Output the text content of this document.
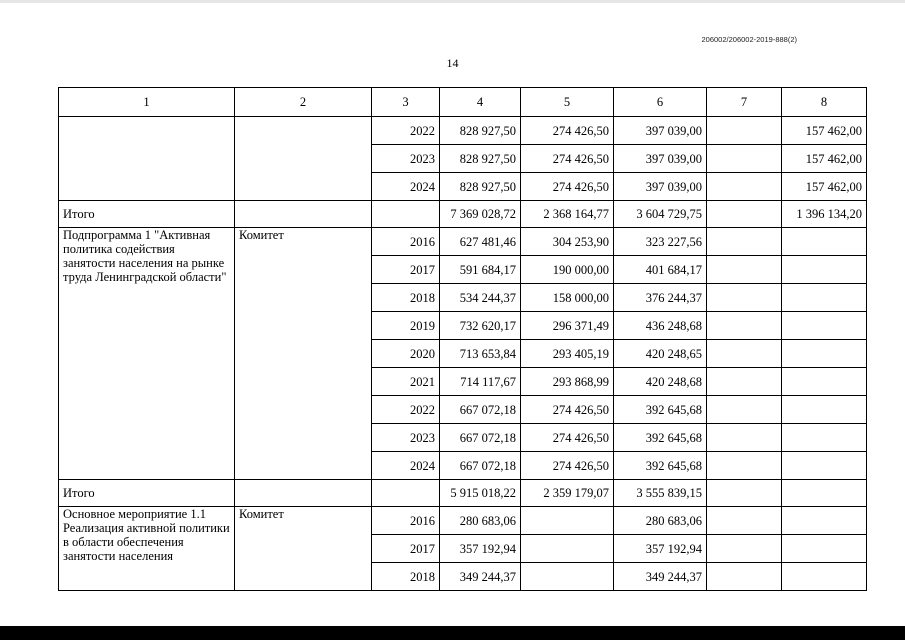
206002/206002-2019-888(2)
14
1	2	3	4	5	6	7	8
		2022	828 927,50	274 426,50	397 039,00		157 462,00
		2023	828 927,50	274 426,50	397 039,00		157 462,00
		2024	828 927,50	274 426,50	397 039,00		157 462,00
Итого			7 369 028,72	2 368 164,77	3 604 729,75		1 396 134,20
Подпрограмма 1 "Активная политика содействия занятости населения на рынке труда Ленинградской области"	Комитет	2016	627 481,46	304 253,90	323 227,56		
		2017	591 684,17	190 000,00	401 684,17		
		2018	534 244,37	158 000,00	376 244,37		
		2019	732 620,17	296 371,49	436 248,68		
		2020	713 653,84	293 405,19	420 248,65		
		2021	714 117,67	293 868,99	420 248,68		
		2022	667 072,18	274 426,50	392 645,68		
		2023	667 072,18	274 426,50	392 645,68		
		2024	667 072,18	274 426,50	392 645,68		
Итого			5 915 018,22	2 359 179,07	3 555 839,15		
Основное мероприятие 1.1 Реализация активной политики в области обеспечения занятости населения	Комитет	2016	280 683,06		280 683,06		
		2017	357 192,94		357 192,94		
		2018	349 244,37		349 244,37		
